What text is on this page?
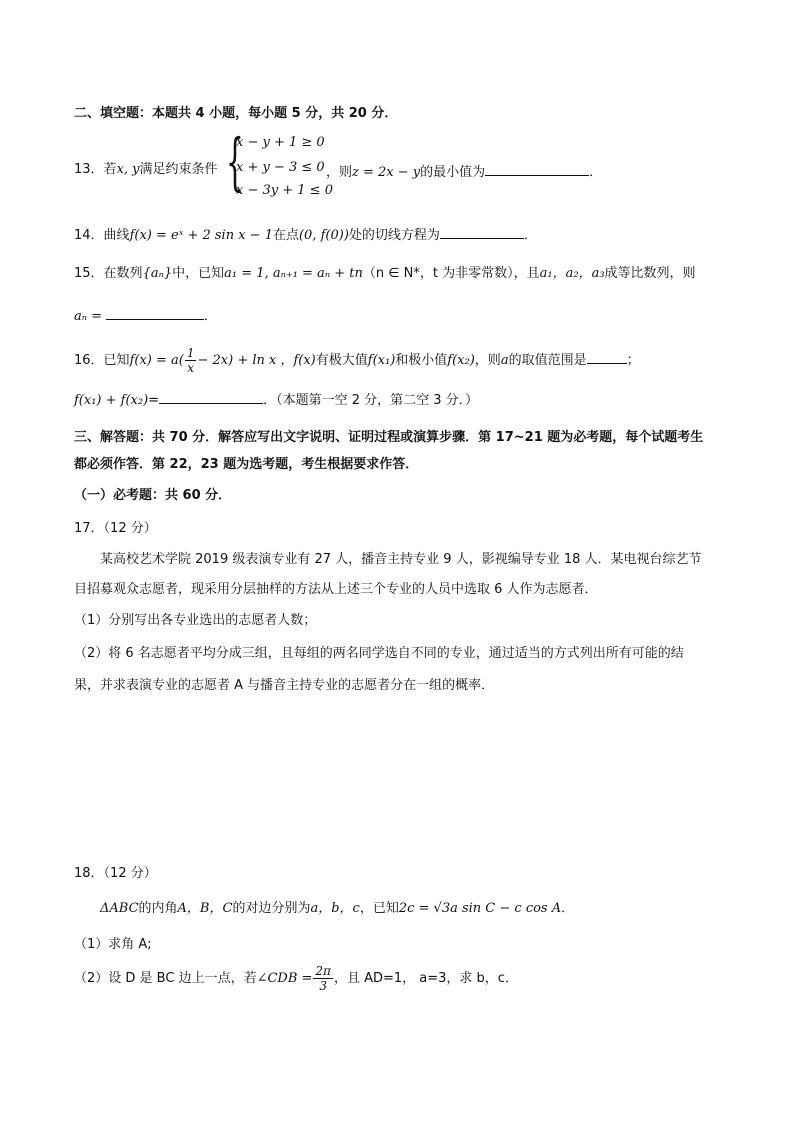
二、填空题：本题共 4 小题，每小题 5 分，共 20 分．
13．若x, y满足约束条件 {
x − y + 1 ≥ 0
x + y − 3 ≤ 0
x − 3y + 1 ≤ 0
，则z = 2x − y的最小值为	．
14．曲线f(x) = eˣ + 2 sin x − 1在点(0, f(0))处的切线方程为	．
15．在数列{aₙ}中，已知a₁ = 1, aₙ₊₁ = aₙ + tn（n ∈ N*，t 为非零常数），且a₁，a₂，a₃成等比数列，则
aₙ =	．
16．已知$f(x) = a( \frac{1}{x} - 2x) + \ln x$ ，f(x)有极大值f(x₁)和极小值f(x₂)，则a的取值范围是	；
f(x₁) + f(x₂)=	．（本题第一空 2 分，第二空 3 分．）
三、解答题：共 70 分．解答应写出文字说明、证明过程或演算步骤．第 17~21 题为必考题，每个试题考生
都必须作答．第 22，23 题为选考题，考生根据要求作答．
（一）必考题：共 60 分．
17．（12 分）
某高校艺术学院 2019 级表演专业有 27 人，播音主持专业 9 人，影视编导专业 18 人．某电视台综艺节
目招募观众志愿者，现采用分层抽样的方法从上述三个专业的人员中选取 6 人作为志愿者．
（1）分别写出各专业选出的志愿者人数；
（2）将 6 名志愿者平均分成三组，且每组的两名同学选自不同的专业，通过适当的方式列出所有可能的结
果，并求表演专业的志愿者 A 与播音主持专业的志愿者分在一组的概率．
18．（12 分）
ΔABC的内角A，B，C的对边分别为a，b，c，已知2c = √3a sin C − c cos A．
（1）求角 A;
（2）设 D 是 BC 边上一点，若∠CDB = $\frac{2\pi}{3}$ ，且 AD=1， a=3，求 b，c．
